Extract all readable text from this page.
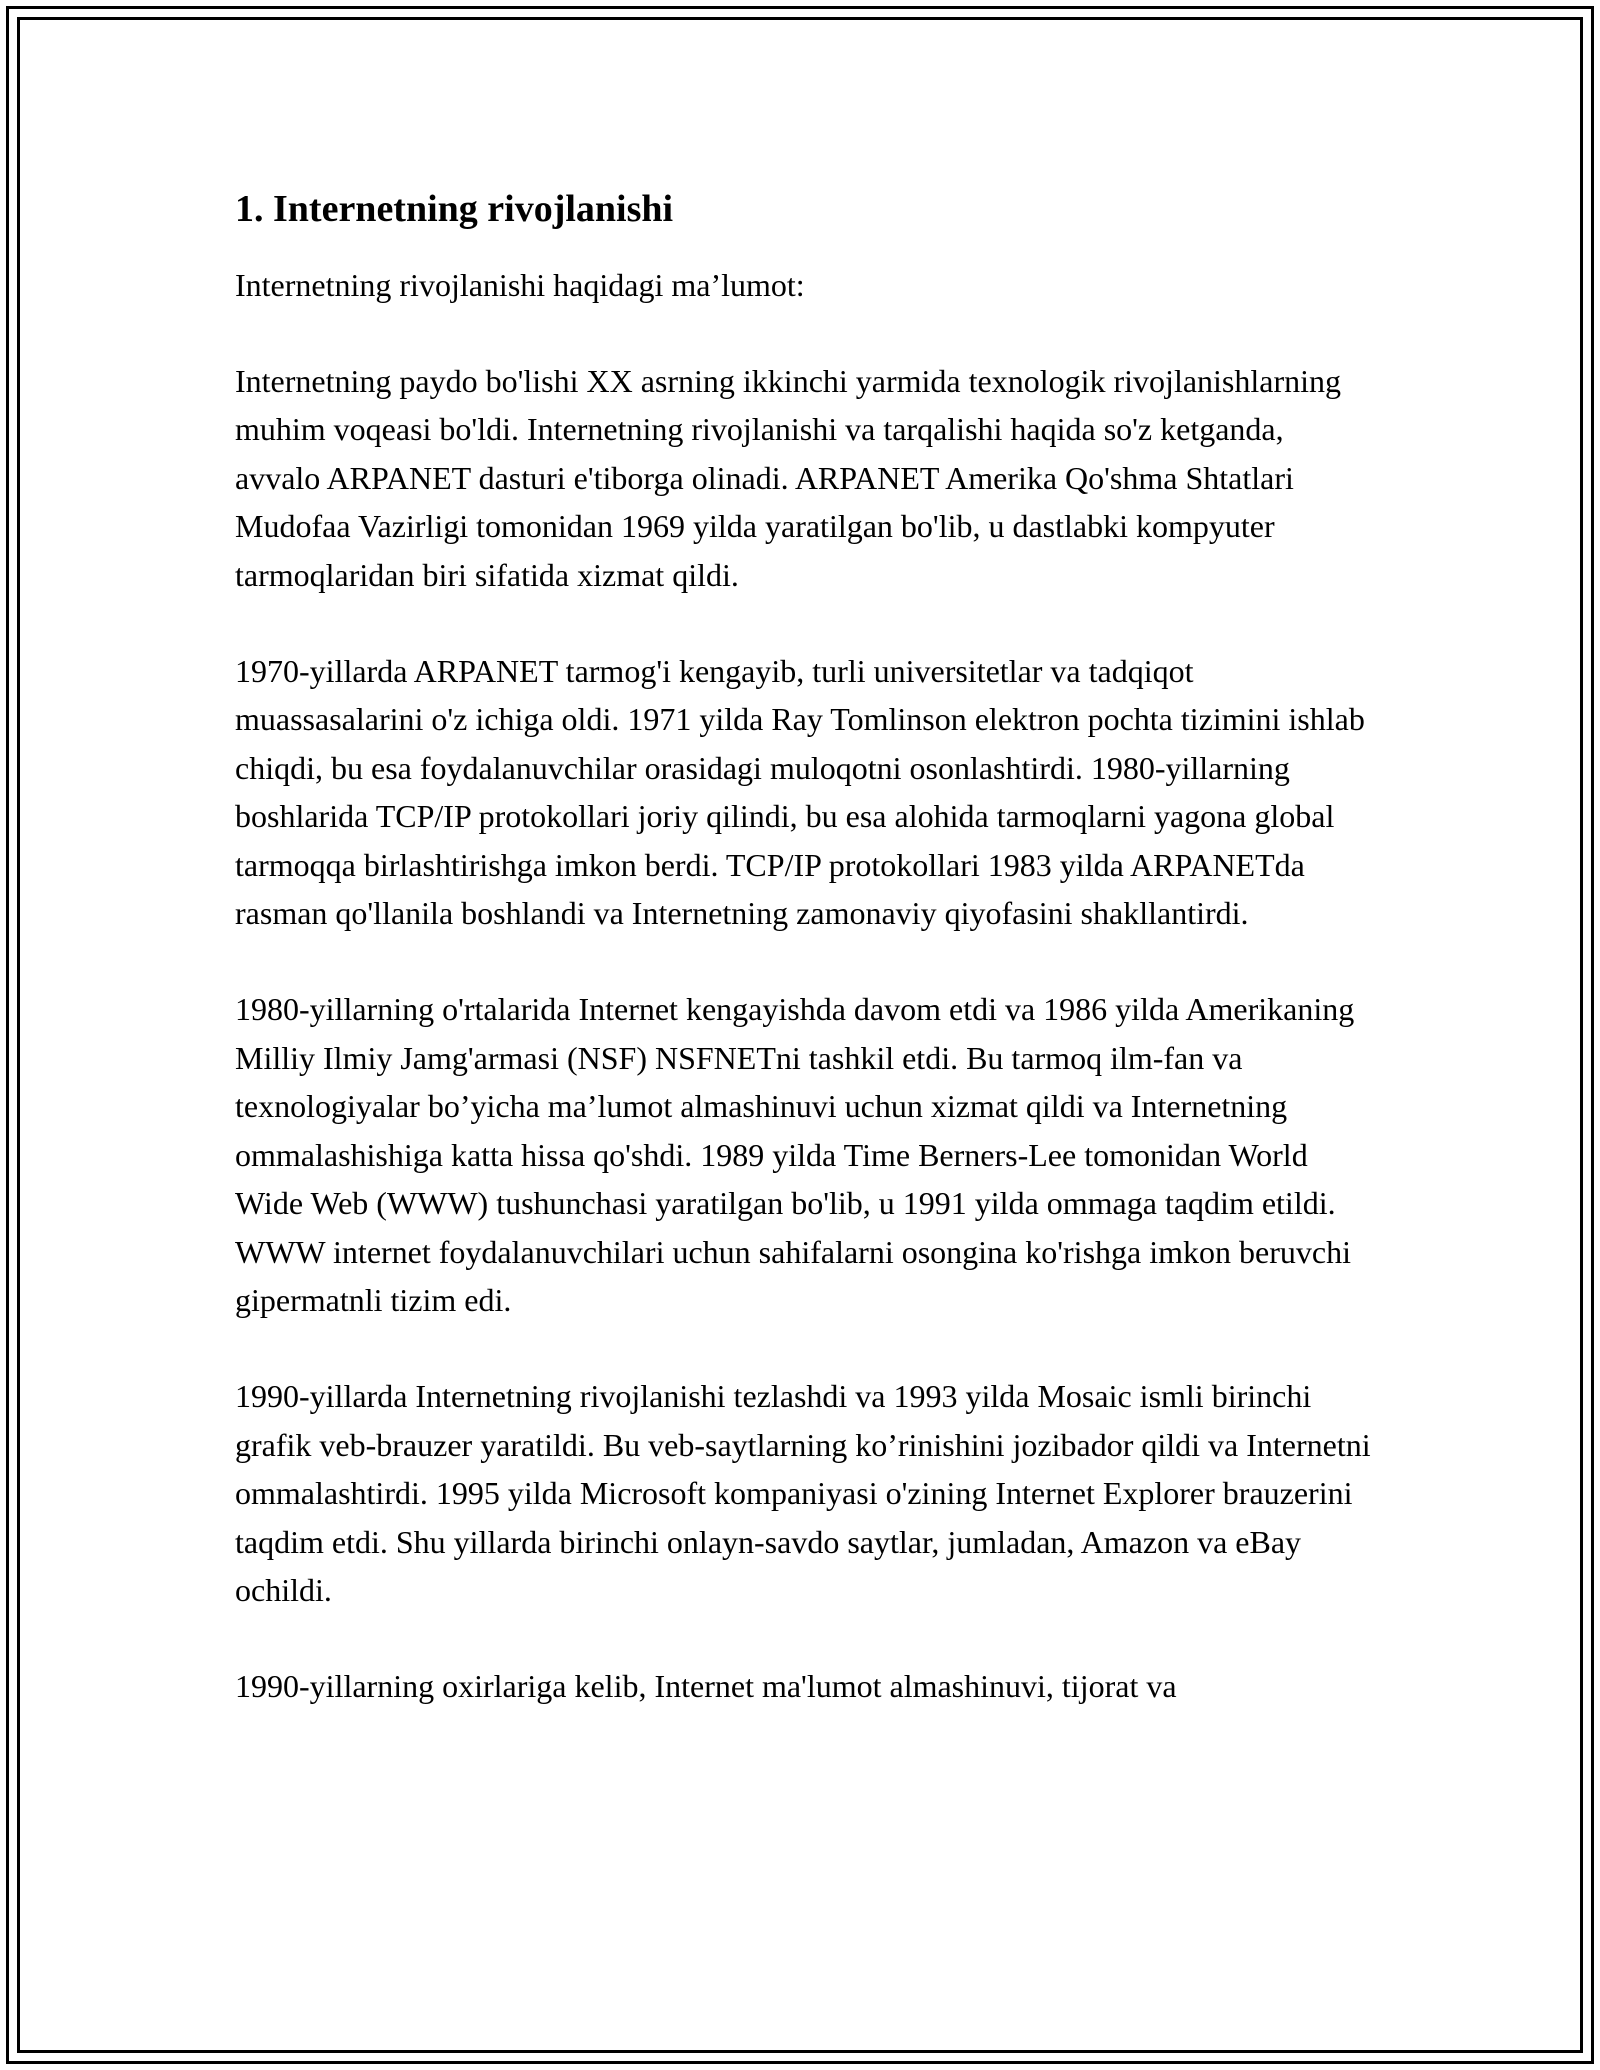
1. Internetning rivojlanishi
Internetning rivojlanishi haqidagi ma’lumot:
Internetning paydo bo'lishi XX asrning ikkinchi yarmida texnologik rivojlanishlarning muhim voqeasi bo'ldi. Internetning rivojlanishi va tarqalishi haqida so'z ketganda, avvalo ARPANET dasturi e'tiborga olinadi. ARPANET Amerika Qo'shma Shtatlari Mudofaa Vazirligi tomonidan 1969 yilda yaratilgan bo'lib, u dastlabki kompyuter tarmoqlaridan biri sifatida xizmat qildi.
1970-yillarda ARPANET tarmog'i kengayib, turli universitetlar va tadqiqot muassasalarini o'z ichiga oldi. 1971 yilda Ray Tomlinson elektron pochta tizimini ishlab chiqdi, bu esa foydalanuvchilar orasidagi muloqotni osonlashtirdi. 1980-yillarning boshlarida TCP/IP protokollari joriy qilindi, bu esa alohida tarmoqlarni yagona global tarmoqqa birlashtirishga imkon berdi. TCP/IP protokollari 1983 yilda ARPANETda rasman qo'llanila boshlandi va Internetning zamonaviy qiyofasini shakllantirdi.
1980-yillarning o'rtalarida Internet kengayishda davom etdi va 1986 yilda Amerikaning Milliy Ilmiy Jamg'armasi (NSF) NSFNETni tashkil etdi. Bu tarmoq ilm-fan va texnologiyalar bo’yicha ma’lumot almashinuvi uchun xizmat qildi va Internetning ommalashishiga katta hissa qo'shdi. 1989 yilda Time Berners-Lee tomonidan World Wide Web (WWW) tushunchasi yaratilgan bo'lib, u 1991 yilda ommaga taqdim etildi. WWW internet foydalanuvchilari uchun sahifalarni osongina ko'rishga imkon beruvchi gipermatnli tizim edi.
1990-yillarda Internetning rivojlanishi tezlashdi va 1993 yilda Mosaic ismli birinchi grafik veb-brauzer yaratildi. Bu veb-saytlarning ko’rinishini jozibador qildi va Internetni ommalashtirdi. 1995 yilda Microsoft kompaniyasi o'zining Internet Explorer brauzerini taqdim etdi. Shu yillarda birinchi onlayn-savdo saytlar, jumladan, Amazon va eBay ochildi.
1990-yillarning oxirlariga kelib, Internet ma'lumot almashinuvi, tijorat va
